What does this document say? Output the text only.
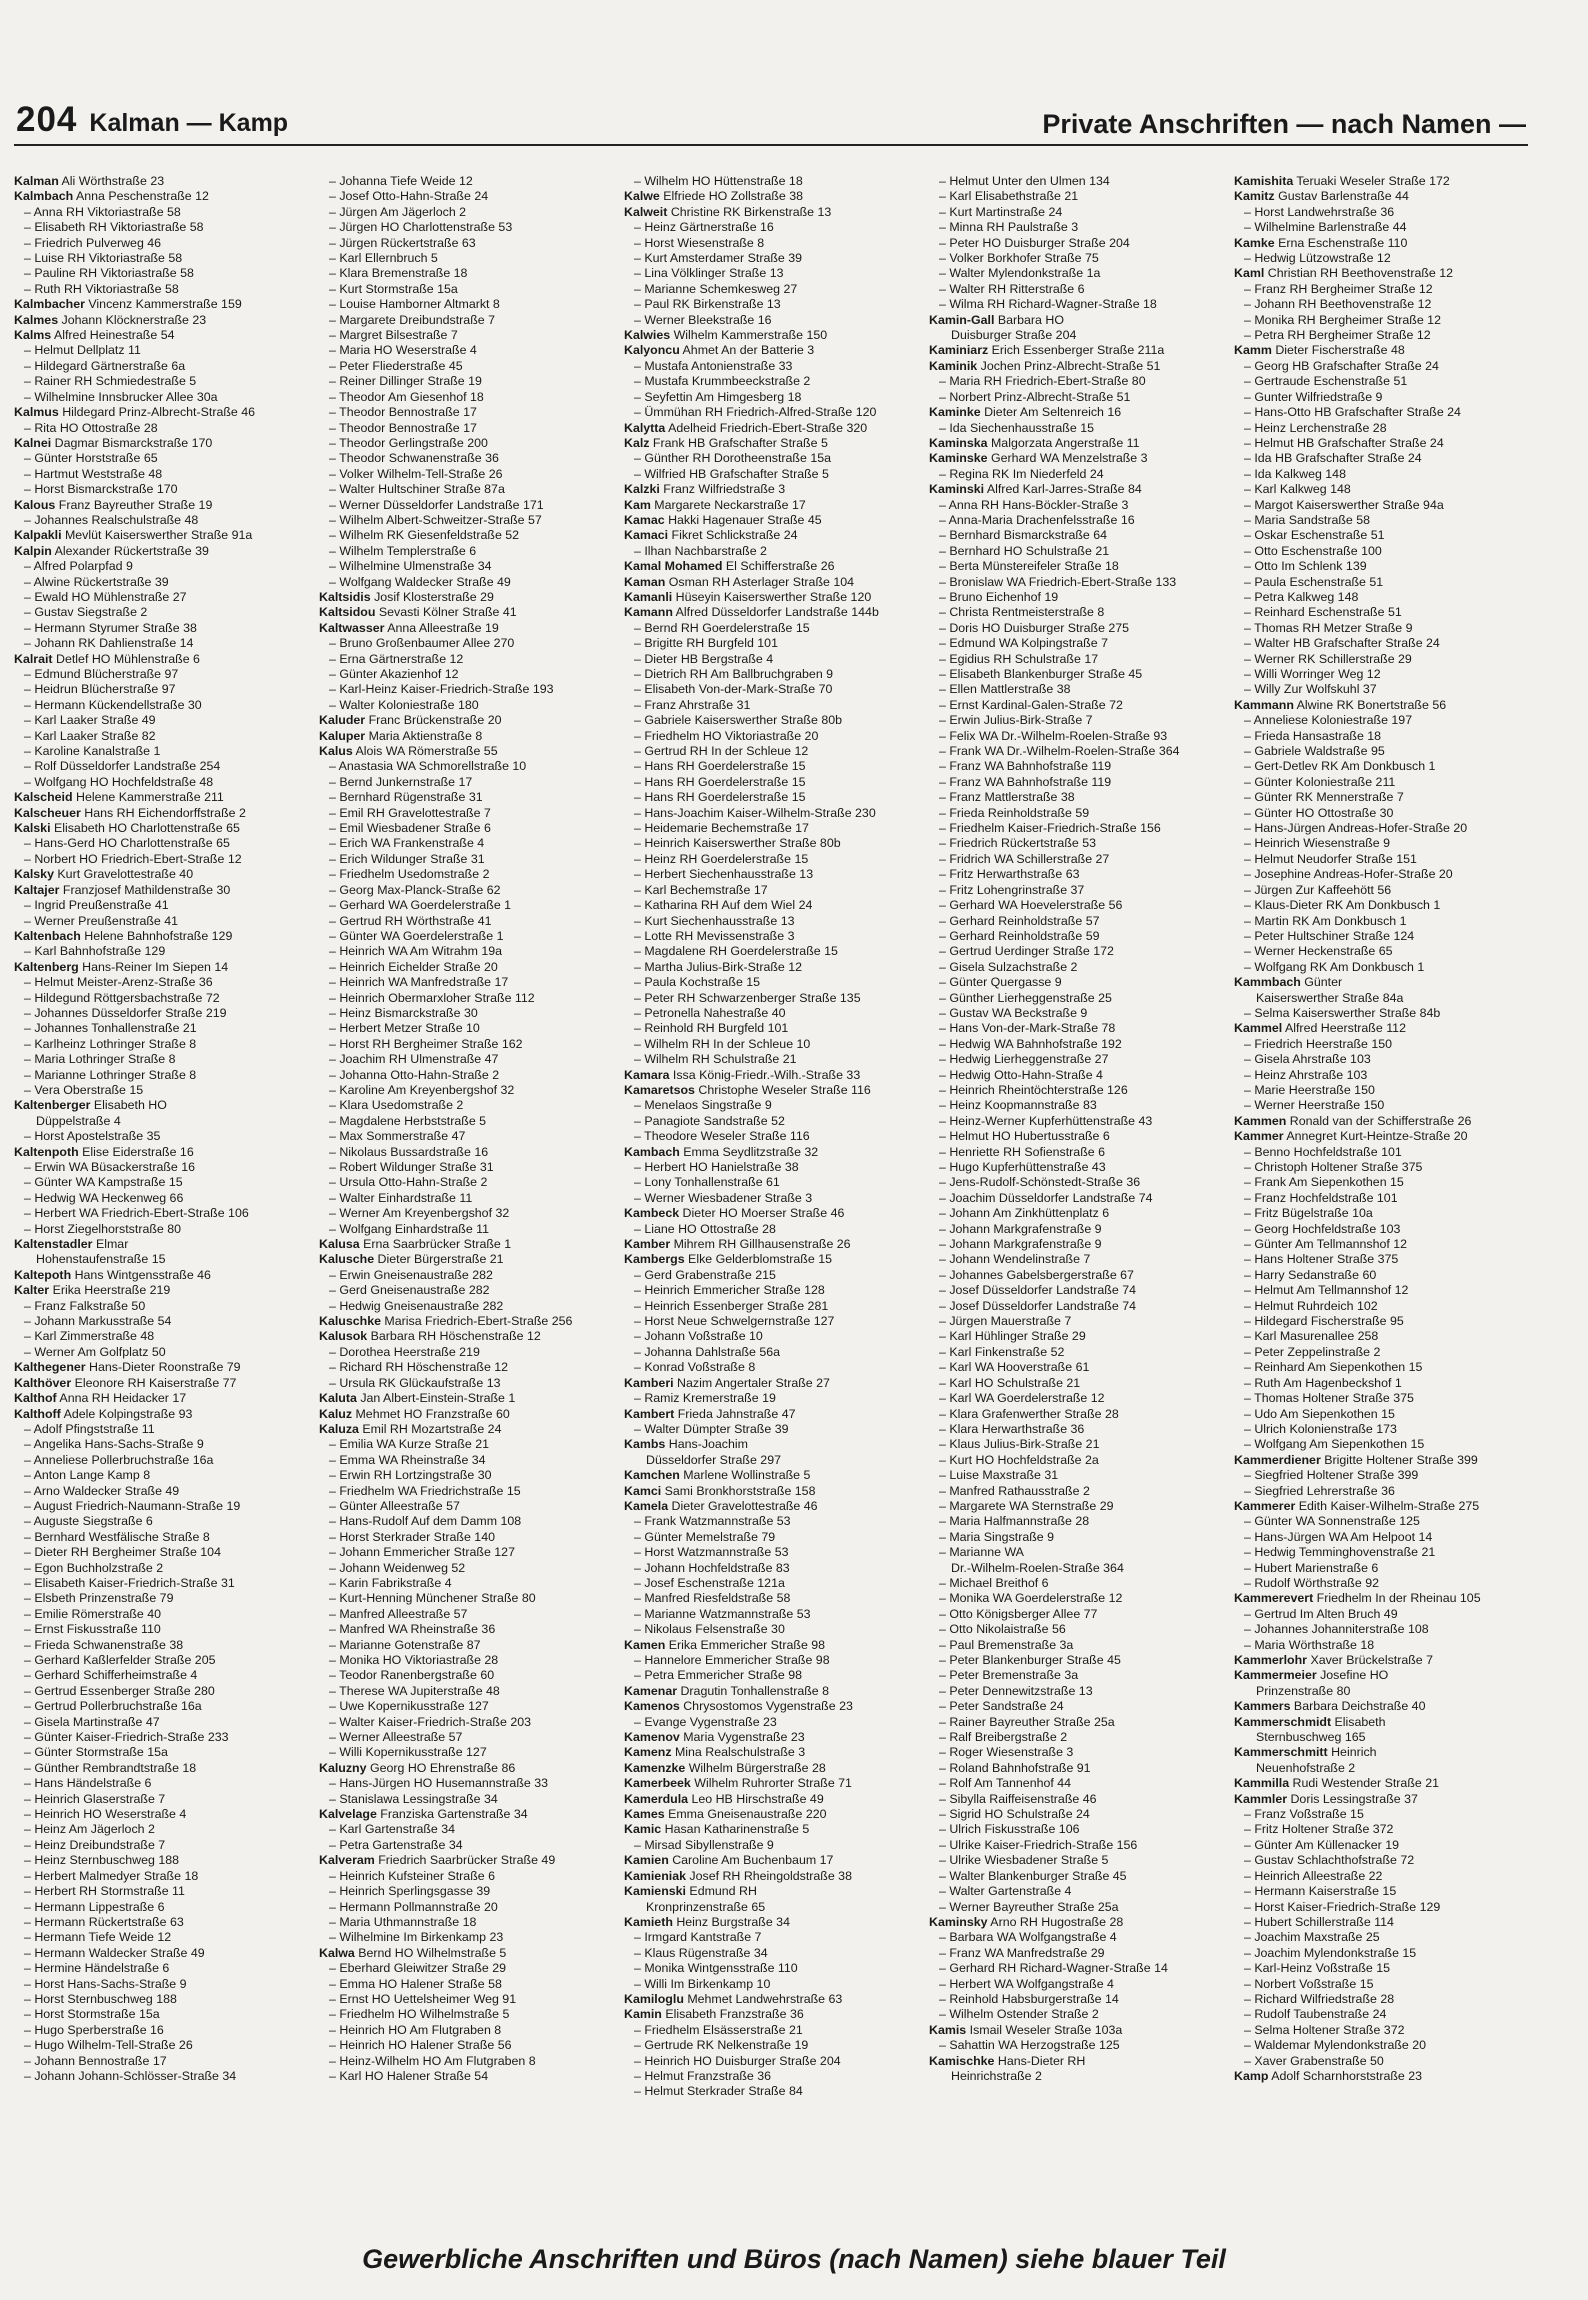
204 Kalman — Kamp	Private Anschriften — nach Namen —
Kalman Ali Wörthstraße 23
Kalmbach Anna Peschenstraße 12
– Anna RH Viktoriastraße 58
– Elisabeth RH Viktoriastraße 58
– Friedrich Pulverweg 46
– Luise RH Viktoriastraße 58
– Pauline RH Viktoriastraße 58
– Ruth RH Viktoriastraße 58
Kalmbacher Vincenz Kammerstraße 159
Kalmes Johann Klöcknerstraße 23
Kalms Alfred Heinestraße 54
– Helmut Dellplatz 11
– Hildegard Gärtnerstraße 6a
– Rainer RH Schmiedestraße 5
– Wilhelmine Innsbrucker Allee 30a
Kalmus Hildegard Prinz-Albrecht-Straße 46
– Rita HO Ottostraße 28
Kalnei Dagmar Bismarckstraße 170
– Günter Horststraße 65
– Hartmut Weststraße 48
– Horst Bismarckstraße 170
Kalous Franz Bayreuther Straße 19
– Johannes Realschulstraße 48
Kalpakli Mevlüt Kaiserswerther Straße 91a
Kalpin Alexander Rückertstraße 39
– Alfred Polarpfad 9
– Alwine Rückertstraße 39
– Ewald HO Mühlenstraße 27
– Gustav Siegstraße 2
– Hermann Styrumer Straße 38
– Johann RK Dahlienstraße 14
Kalrait Detlef HO Mühlenstraße 6
– Edmund Blücherstraße 97
– Heidrun Blücherstraße 97
– Hermann Kückendellstraße 30
– Karl Laaker Straße 49
– Karl Laaker Straße 82
– Karoline Kanalstraße 1
– Rolf Düsseldorfer Landstraße 254
– Wolfgang HO Hochfeldstraße 48
Kalscheid Helene Kammerstraße 211
Kalscheuer Hans RH Eichendorffstraße 2
Kalski Elisabeth HO Charlottenstraße 65
– Hans-Gerd HO Charlottenstraße 65
– Norbert HO Friedrich-Ebert-Straße 12
Kalsky Kurt Gravelottestraße 40
Kaltajer Franzjosef Mathildenstraße 30
– Ingrid Preußenstraße 41
– Werner Preußenstraße 41
Kaltenbach Helene Bahnhofstraße 129
– Karl Bahnhofstraße 129
Kaltenberg Hans-Reiner Im Siepen 14
– Helmut Meister-Arenz-Straße 36
– Hildegund Röttgersbachstraße 72
– Johannes Düsseldorfer Straße 219
– Johannes Tonhallenstraße 21
– Karlheinz Lothringer Straße 8
– Maria Lothringer Straße 8
– Marianne Lothringer Straße 8
– Vera Oberstraße 15
Kaltenberger Elisabeth HO
Düppelstraße 4
– Horst Apostelstraße 35
Kaltenpoth Elise Eiderstraße 16
– Erwin WA Büsackerstraße 16
– Günter WA Kampstraße 15
– Hedwig WA Heckenweg 66
– Herbert WA Friedrich-Ebert-Straße 106
– Horst Ziegelhorststraße 80
Kaltenstadler Elmar
Hohenstaufenstraße 15
Kaltepoth Hans Wintgensstraße 46
Kalter Erika Heerstraße 219
– Franz Falkstraße 50
– Johann Markusstraße 54
– Karl Zimmerstraße 48
– Werner Am Golfplatz 50
Kalthegener Hans-Dieter Roonstraße 79
Kalthöver Eleonore RH Kaiserstraße 77
Kalthof Anna RH Heidacker 17
Kalthoff Adele Kolpingstraße 93
– Adolf Pfingststraße 11
– Angelika Hans-Sachs-Straße 9
– Anneliese Pollerbruchstraße 16a
– Anton Lange Kamp 8
– Arno Waldecker Straße 49
– August Friedrich-Naumann-Straße 19
– Auguste Siegstraße 6
– Bernhard Westfälische Straße 8
– Dieter RH Bergheimer Straße 104
– Egon Buchholzstraße 2
– Elisabeth Kaiser-Friedrich-Straße 31
– Elsbeth Prinzenstraße 79
– Emilie Römerstraße 40
– Ernst Fiskusstraße 110
– Frieda Schwanenstraße 38
– Gerhard Kaßlerfelder Straße 205
– Gerhard Schifferheimstraße 4
– Gertrud Essenberger Straße 280
– Gertrud Pollerbruchstraße 16a
– Gisela Martinstraße 47
– Günter Kaiser-Friedrich-Straße 233
– Günter Stormstraße 15a
– Günther Rembrandtstraße 18
– Hans Händelstraße 6
– Heinrich Glaserstraße 7
– Heinrich HO Weserstraße 4
– Heinz Am Jägerloch 2
– Heinz Dreibundstraße 7
– Heinz Sternbuschweg 188
– Herbert Malmedyer Straße 18
– Herbert RH Stormstraße 11
– Hermann Lippestraße 6
– Hermann Rückertstraße 63
– Hermann Tiefe Weide 12
– Hermann Waldecker Straße 49
– Hermine Händelstraße 6
– Horst Hans-Sachs-Straße 9
– Horst Sternbuschweg 188
– Horst Stormstraße 15a
– Hugo Sperberstraße 16
– Hugo Wilhelm-Tell-Straße 26
– Johann Bennostraße 17
– Johann Johann-Schlösser-Straße 34
– Johanna Tiefe Weide 12
– Josef Otto-Hahn-Straße 24
– Jürgen Am Jägerloch 2
– Jürgen HO Charlottenstraße 53
– Jürgen Rückertstraße 63
– Karl Ellernbruch 5
– Klara Bremenstraße 18
– Kurt Stormstraße 15a
– Louise Hamborner Altmarkt 8
– Margarete Dreibundstraße 7
– Margret Bilsestraße 7
– Maria HO Weserstraße 4
– Peter Fliederstraße 45
– Reiner Dillinger Straße 19
– Theodor Am Giesenhof 18
– Theodor Bennostraße 17
– Theodor Bennostraße 17
– Theodor Gerlingstraße 200
– Theodor Schwanenstraße 36
– Volker Wilhelm-Tell-Straße 26
– Walter Hultschiner Straße 87a
– Werner Düsseldorfer Landstraße 171
– Wilhelm Albert-Schweitzer-Straße 57
– Wilhelm RK Giesenfeldstraße 52
– Wilhelm Templerstraße 6
– Wilhelmine Ulmenstraße 34
– Wolfgang Waldecker Straße 49
Kaltsidis Josif Klosterstraße 29
Kaltsidou Sevasti Kölner Straße 41
Kaltwasser Anna Alleestraße 19
– Bruno Großenbaumer Allee 270
– Erna Gärtnerstraße 12
– Günter Akazienhof 12
– Karl-Heinz Kaiser-Friedrich-Straße 193
– Walter Koloniestraße 180
Kaluder Franc Brückenstraße 20
Kaluper Maria Aktienstraße 8
Kalus Alois WA Römerstraße 55
– Anastasia WA Schmorellstraße 10
– Bernd Junkernstraße 17
– Bernhard Rügenstraße 31
– Emil RH Gravelottestraße 7
– Emil Wiesbadener Straße 6
– Erich WA Frankenstraße 4
– Erich Wildunger Straße 31
– Friedhelm Usedomstraße 2
– Georg Max-Planck-Straße 62
– Gerhard WA Goerdelerstraße 1
– Gertrud RH Wörthstraße 41
– Günter WA Goerdelerstraße 1
– Heinrich WA Am Witrahm 19a
– Heinrich Eichelder Straße 20
– Heinrich WA Manfredstraße 17
– Heinrich Obermarxloher Straße 112
– Heinz Bismarckstraße 30
– Herbert Metzer Straße 10
– Horst RH Bergheimer Straße 162
– Joachim RH Ulmenstraße 47
– Johanna Otto-Hahn-Straße 2
– Karoline Am Kreyenbergshof 32
– Klara Usedomstraße 2
– Magdalene Herbststraße 5
– Max Sommerstraße 47
– Nikolaus Bussardstraße 16
– Robert Wildunger Straße 31
– Ursula Otto-Hahn-Straße 2
– Walter Einhardstraße 11
– Werner Am Kreyenbergshof 32
– Wolfgang Einhardstraße 11
Kalusa Erna Saarbrücker Straße 1
Kalusche Dieter Bürgerstraße 21
– Erwin Gneisenaustraße 282
– Gerd Gneisenaustraße 282
– Hedwig Gneisenaustraße 282
Kaluschke Marisa Friedrich-Ebert-Straße 256
Kalusok Barbara RH Höschenstraße 12
– Dorothea Heerstraße 219
– Richard RH Höschenstraße 12
– Ursula RK Glückaufstraße 13
Kaluta Jan Albert-Einstein-Straße 1
Kaluz Mehmet HO Franzstraße 60
Kaluza Emil RH Mozartstraße 24
– Emilia WA Kurze Straße 21
– Emma WA Rheinstraße 34
– Erwin RH Lortzingstraße 30
– Friedhelm WA Friedrichstraße 15
– Günter Alleestraße 57
– Hans-Rudolf Auf dem Damm 108
– Horst Sterkrader Straße 140
– Johann Emmericher Straße 127
– Johann Weidenweg 52
– Karin Fabrikstraße 4
– Kurt-Henning Münchener Straße 80
– Manfred Alleestraße 57
– Manfred WA Rheinstraße 36
– Marianne Gotenstraße 87
– Monika HO Viktoriastraße 28
– Teodor Ranenbergstraße 60
– Therese WA Jupiterstraße 48
– Uwe Kopernikusstraße 127
– Walter Kaiser-Friedrich-Straße 203
– Werner Alleestraße 57
– Willi Kopernikusstraße 127
Kaluzny Georg HO Ehrenstraße 86
– Hans-Jürgen HO Husemannstraße 33
– Stanislawa Lessingstraße 34
Kalvelage Franziska Gartenstraße 34
– Karl Gartenstraße 34
– Petra Gartenstraße 34
Kalveram Friedrich Saarbrücker Straße 49
– Heinrich Kufsteiner Straße 6
– Heinrich Sperlingsgasse 39
– Hermann Pollmannstraße 20
– Maria Uthmannstraße 18
– Wilhelmine Im Birkenkamp 23
Kalwa Bernd HO Wilhelmstraße 5
– Eberhard Gleiwitzer Straße 29
– Emma HO Halener Straße 58
– Ernst HO Uettelsheimer Weg 91
– Friedhelm HO Wilhelmstraße 5
– Heinrich HO Am Flutgraben 8
– Heinrich HO Halener Straße 56
– Heinz-Wilhelm HO Am Flutgraben 8
– Karl HO Halener Straße 54
– Wilhelm HO Hüttenstraße 18
Kalwe Elfriede HO Zollstraße 38
Kalweit Christine RK Birkenstraße 13
– Heinz Gärtnerstraße 16
– Horst Wiesenstraße 8
– Kurt Amsterdamer Straße 39
– Lina Völklinger Straße 13
– Marianne Schemkesweg 27
– Paul RK Birkenstraße 13
– Werner Bleekstraße 16
Kalwies Wilhelm Kammerstraße 150
Kalyoncu Ahmet An der Batterie 3
– Mustafa Antonienstraße 33
– Mustafa Krummbeeckstraße 2
– Seyfettin Am Himgesberg 18
– Ümmühan RH Friedrich-Alfred-Straße 120
Kalytta Adelheid Friedrich-Ebert-Straße 320
Kalz Frank HB Grafschafter Straße 5
– Günther RH Dorotheenstraße 15a
– Wilfried HB Grafschafter Straße 5
Kalzki Franz Wilfriedstraße 3
Kam Margarete Neckarstraße 17
Kamac Hakki Hagenauer Straße 45
Kamaci Fikret Schlickstraße 24
– Ilhan Nachbarstraße 2
Kamal Mohamed El Schifferstraße 26
Kaman Osman RH Asterlager Straße 104
Kamanli Hüseyin Kaiserswerther Straße 120
Kamann Alfred Düsseldorfer Landstraße 144b
– Bernd RH Goerdelerstraße 15
– Brigitte RH Burgfeld 101
– Dieter HB Bergstraße 4
– Dietrich RH Am Ballbruchgraben 9
– Elisabeth Von-der-Mark-Straße 70
– Franz Ahrstraße 31
– Gabriele Kaiserswerther Straße 80b
– Friedhelm HO Viktoriastraße 20
– Gertrud RH In der Schleue 12
– Hans RH Goerdelerstraße 15
– Hans RH Goerdelerstraße 15
– Hans RH Goerdelerstraße 15
– Hans-Joachim Kaiser-Wilhelm-Straße 230
– Heidemarie Bechemstraße 17
– Heinrich Kaiserswerther Straße 80b
– Heinz RH Goerdelerstraße 15
– Herbert Siechenhausstraße 13
– Karl Bechemstraße 17
– Katharina RH Auf dem Wiel 24
– Kurt Siechenhausstraße 13
– Lotte RH Mevissenstraße 3
– Magdalene RH Goerdelerstraße 15
– Martha Julius-Birk-Straße 12
– Paula Kochstraße 15
– Peter RH Schwarzenberger Straße 135
– Petronella Nahestraße 40
– Reinhold RH Burgfeld 101
– Wilhelm RH In der Schleue 10
– Wilhelm RH Schulstraße 21
Kamara Issa König-Friedr.-Wilh.-Straße 33
Kamaretsos Christophe Weseler Straße 116
– Menelaos Singstraße 9
– Panagiote Sandstraße 52
– Theodore Weseler Straße 116
Kambach Emma Seydlitzstraße 32
– Herbert HO Hanielstraße 38
– Lony Tonhallenstraße 61
– Werner Wiesbadener Straße 3
Kambeck Dieter HO Moerser Straße 46
– Liane HO Ottostraße 28
Kamber Mihrem RH Gillhausenstraße 26
Kambergs Elke Gelderblomstraße 15
– Gerd Grabenstraße 215
– Heinrich Emmericher Straße 128
– Heinrich Essenberger Straße 281
– Horst Neue Schwelgernstraße 127
– Johann Voßstraße 10
– Johanna Dahlstraße 56a
– Konrad Voßstraße 8
Kamberi Nazim Angertaler Straße 27
– Ramiz Kremerstraße 19
Kambert Frieda Jahnstraße 47
– Walter Dümpter Straße 39
Kambs Hans-Joachim
Düsseldorfer Straße 297
Kamchen Marlene Wollinstraße 5
Kamci Sami Bronkhorststraße 158
Kamela Dieter Gravelottestraße 46
– Frank Watzmannstraße 53
– Günter Memelstraße 79
– Horst Watzmannstraße 53
– Johann Hochfeldstraße 83
– Josef Eschenstraße 121a
– Manfred Riesfeldstraße 58
– Marianne Watzmannstraße 53
– Nikolaus Felsenstraße 30
Kamen Erika Emmericher Straße 98
– Hannelore Emmericher Straße 98
– Petra Emmericher Straße 98
Kamenar Dragutin Tonhallenstraße 8
Kamenos Chrysostomos Vygenstraße 23
– Evange Vygenstraße 23
Kamenov Maria Vygenstraße 23
Kamenz Mina Realschulstraße 3
Kamenzke Wilhelm Bürgerstraße 28
Kamerbeek Wilhelm Ruhrorter Straße 71
Kamerdula Leo HB Hirschstraße 49
Kames Emma Gneisenaustraße 220
Kamic Hasan Katharinenstraße 5
– Mirsad Sibyllenstraße 9
Kamien Caroline Am Buchenbaum 17
Kamieniak Josef RH Rheingoldstraße 38
Kamienski Edmund RH
Kronprinzenstraße 65
Kamieth Heinz Burgstraße 34
– Irmgard Kantstraße 7
– Klaus Rügenstraße 34
– Monika Wintgensstraße 110
– Willi Im Birkenkamp 10
Kamiloglu Mehmet Landwehrstraße 63
Kamin Elisabeth Franzstraße 36
– Friedhelm Elsässerstraße 21
– Gertrude RK Nelkenstraße 19
– Heinrich HO Duisburger Straße 204
– Helmut Franzstraße 36
– Helmut Sterkrader Straße 84
– Helmut Unter den Ulmen 134
– Karl Elisabethstraße 21
– Kurt Martinstraße 24
– Minna RH Paulstraße 3
– Peter HO Duisburger Straße 204
– Volker Borkhofer Straße 75
– Walter Mylendonkstraße 1a
– Walter RH Ritterstraße 6
– Wilma RH Richard-Wagner-Straße 18
Kamin-Gall Barbara HO
Duisburger Straße 204
Kaminiarz Erich Essenberger Straße 211a
Kaminik Jochen Prinz-Albrecht-Straße 51
– Maria RH Friedrich-Ebert-Straße 80
– Norbert Prinz-Albrecht-Straße 51
Kaminke Dieter Am Seltenreich 16
– Ida Siechenhausstraße 15
Kaminska Malgorzata Angerstraße 11
Kaminske Gerhard WA Menzelstraße 3
– Regina RK Im Niederfeld 24
Kaminski Alfred Karl-Jarres-Straße 84
– Anna RH Hans-Böckler-Straße 3
– Anna-Maria Drachenfelsstraße 16
– Bernhard Bismarckstraße 64
– Bernhard HO Schulstraße 21
– Berta Münstereifeler Straße 18
– Bronislaw WA Friedrich-Ebert-Straße 133
– Bruno Eichenhof 19
– Christa Rentmeisterstraße 8
– Doris HO Duisburger Straße 275
– Edmund WA Kolpingstraße 7
– Egidius RH Schulstraße 17
– Elisabeth Blankenburger Straße 45
– Ellen Mattlerstraße 38
– Ernst Kardinal-Galen-Straße 72
– Erwin Julius-Birk-Straße 7
– Felix WA Dr.-Wilhelm-Roelen-Straße 93
– Frank WA Dr.-Wilhelm-Roelen-Straße 364
– Franz WA Bahnhofstraße 119
– Franz WA Bahnhofstraße 119
– Franz Mattlerstraße 38
– Frieda Reinholdstraße 59
– Friedhelm Kaiser-Friedrich-Straße 156
– Friedrich Rückertstraße 53
– Fridrich WA Schillerstraße 27
– Fritz Herwarthstraße 63
– Fritz Lohengrinstraße 37
– Gerhard WA Hoevelerstraße 56
– Gerhard Reinholdstraße 57
– Gerhard Reinholdstraße 59
– Gertrud Uerdinger Straße 172
– Gisela Sulzachstraße 2
– Günter Quergasse 9
– Günther Lierheggenstraße 25
– Gustav WA Beckstraße 9
– Hans Von-der-Mark-Straße 78
– Hedwig WA Bahnhofstraße 192
– Hedwig Lierheggenstraße 27
– Hedwig Otto-Hahn-Straße 4
– Heinrich Rheintöchterstraße 126
– Heinz Koopmannstraße 83
– Heinz-Werner Kupferhüttenstraße 43
– Helmut HO Hubertusstraße 6
– Henriette RH Sofienstraße 6
– Hugo Kupferhüttenstraße 43
– Jens-Rudolf-Schönstedt-Straße 36
– Joachim Düsseldorfer Landstraße 74
– Johann Am Zinkhüttenplatz 6
– Johann Markgrafenstraße 9
– Johann Markgrafenstraße 9
– Johann Wendelinstraße 7
– Johannes Gabelsbergerstraße 67
– Josef Düsseldorfer Landstraße 74
– Josef Düsseldorfer Landstraße 74
– Jürgen Mauerstraße 7
– Karl Hühlinger Straße 29
– Karl Finkenstraße 52
– Karl WA Hooverstraße 61
– Karl HO Schulstraße 21
– Karl WA Goerdelerstraße 12
– Klara Grafenwerther Straße 28
– Klara Herwarthstraße 36
– Klaus Julius-Birk-Straße 21
– Kurt HO Hochfeldstraße 2a
– Luise Maxstraße 31
– Manfred Rathausstraße 2
– Margarete WA Sternstraße 29
– Maria Halfmannstraße 28
– Maria Singstraße 9
– Marianne WA
Dr.-Wilhelm-Roelen-Straße 364
– Michael Breithof 6
– Monika WA Goerdelerstraße 12
– Otto Königsberger Allee 77
– Otto Nikolaistraße 56
– Paul Bremenstraße 3a
– Peter Blankenburger Straße 45
– Peter Bremenstraße 3a
– Peter Dennewitzstraße 13
– Peter Sandstraße 24
– Rainer Bayreuther Straße 25a
– Ralf Breibergstraße 2
– Roger Wiesenstraße 3
– Roland Bahnhofstraße 91
– Rolf Am Tannenhof 44
– Sibylla Raiffeisenstraße 46
– Sigrid HO Schulstraße 24
– Ulrich Fiskusstraße 106
– Ulrike Kaiser-Friedrich-Straße 156
– Ulrike Wiesbadener Straße 5
– Walter Blankenburger Straße 45
– Walter Gartenstraße 4
– Werner Bayreuther Straße 25a
Kaminsky Arno RH Hugostraße 28
– Barbara WA Wolfgangstraße 4
– Franz WA Manfredstraße 29
– Gerhard RH Richard-Wagner-Straße 14
– Herbert WA Wolfgangstraße 4
– Reinhold Habsburgerstraße 14
– Wilhelm Ostender Straße 2
Kamis Ismail Weseler Straße 103a
– Sahattin WA Herzogstraße 125
Kamischke Hans-Dieter RH
Heinrichstraße 2
Kamishita Teruaki Weseler Straße 172
Kamitz Gustav Barlenstraße 44
– Horst Landwehrstraße 36
– Wilhelmine Barlenstraße 44
Kamke Erna Eschenstraße 110
– Hedwig Lützowstraße 12
Kaml Christian RH Beethovenstraße 12
– Franz RH Bergheimer Straße 12
– Johann RH Beethovenstraße 12
– Monika RH Bergheimer Straße 12
– Petra RH Bergheimer Straße 12
Kamm Dieter Fischerstraße 48
– Georg HB Grafschafter Straße 24
– Gertraude Eschenstraße 51
– Gunter Wilfriedstraße 9
– Hans-Otto HB Grafschafter Straße 24
– Heinz Lerchenstraße 28
– Helmut HB Grafschafter Straße 24
– Ida HB Grafschafter Straße 24
– Ida Kalkweg 148
– Karl Kalkweg 148
– Margot Kaiserswerther Straße 94a
– Maria Sandstraße 58
– Oskar Eschenstraße 51
– Otto Eschenstraße 100
– Otto Im Schlenk 139
– Paula Eschenstraße 51
– Petra Kalkweg 148
– Reinhard Eschenstraße 51
– Thomas RH Metzer Straße 9
– Walter HB Grafschafter Straße 24
– Werner RK Schillerstraße 29
– Willi Worringer Weg 12
– Willy Zur Wolfskuhl 37
Kammann Alwine RK Bonertstraße 56
– Anneliese Koloniestraße 197
– Frieda Hansastraße 18
– Gabriele Waldstraße 95
– Gert-Detlev RK Am Donkbusch 1
– Günter Koloniestraße 211
– Günter RK Mennerstraße 7
– Günter HO Ottostraße 30
– Hans-Jürgen Andreas-Hofer-Straße 20
– Heinrich Wiesenstraße 9
– Helmut Neudorfer Straße 151
– Josephine Andreas-Hofer-Straße 20
– Jürgen Zur Kaffeehött 56
– Klaus-Dieter RK Am Donkbusch 1
– Martin RK Am Donkbusch 1
– Peter Hultschiner Straße 124
– Werner Heckenstraße 65
– Wolfgang RK Am Donkbusch 1
Kammbach Günter
Kaiserswerther Straße 84a
– Selma Kaiserswerther Straße 84b
Kammel Alfred Heerstraße 112
– Friedrich Heerstraße 150
– Gisela Ahrstraße 103
– Heinz Ahrstraße 103
– Marie Heerstraße 150
– Werner Heerstraße 150
Kammen Ronald van der Schifferstraße 26
Kammer Annegret Kurt-Heintze-Straße 20
– Benno Hochfeldstraße 101
– Christoph Holtener Straße 375
– Frank Am Siepenkothen 15
– Franz Hochfeldstraße 101
– Fritz Bügelstraße 10a
– Georg Hochfeldstraße 103
– Günter Am Tellmannshof 12
– Hans Holtener Straße 375
– Harry Sedanstraße 60
– Helmut Am Tellmannshof 12
– Helmut Ruhrdeich 102
– Hildegard Fischerstraße 95
– Karl Masurenallee 258
– Peter Zeppelinstraße 2
– Reinhard Am Siepenkothen 15
– Ruth Am Hagenbeckshof 1
– Thomas Holtener Straße 375
– Udo Am Siepenkothen 15
– Ulrich Kolonienstraße 173
– Wolfgang Am Siepenkothen 15
Kammerdiener Brigitte Holtener Straße 399
– Siegfried Holtener Straße 399
– Siegfried Lehrerstraße 36
Kammerer Edith Kaiser-Wilhelm-Straße 275
– Günter WA Sonnenstraße 125
– Hans-Jürgen WA Am Helpoot 14
– Hedwig Temminghovenstraße 21
– Hubert Marienstraße 6
– Rudolf Wörthstraße 92
Kammerevert Friedhelm In der Rheinau 105
– Gertrud Im Alten Bruch 49
– Johannes Johanniterstraße 108
– Maria Wörthstraße 18
Kammerlohr Xaver Brückelstraße 7
Kammermeier Josefine HO
Prinzenstraße 80
Kammers Barbara Deichstraße 40
Kammerschmidt Elisabeth
Sternbuschweg 165
Kammerschmitt Heinrich
Neuenhofstraße 2
Kammilla Rudi Westender Straße 21
Kammler Doris Lessingstraße 37
– Franz Voßstraße 15
– Fritz Holtener Straße 372
– Günter Am Küllenacker 19
– Gustav Schlachthofstraße 72
– Heinrich Alleestraße 22
– Hermann Kaiserstraße 15
– Horst Kaiser-Friedrich-Straße 129
– Hubert Schillerstraße 114
– Joachim Maxstraße 25
– Joachim Mylendonkstraße 15
– Karl-Heinz Voßstraße 15
– Norbert Voßstraße 15
– Richard Wilfriedstraße 28
– Rudolf Taubenstraße 24
– Selma Holtener Straße 372
– Waldemar Mylendonkstraße 20
– Xaver Grabenstraße 50
Kamp Adolf Scharnhorststraße 23
Gewerbliche Anschriften und Büros (nach Namen) siehe blauer Teil
